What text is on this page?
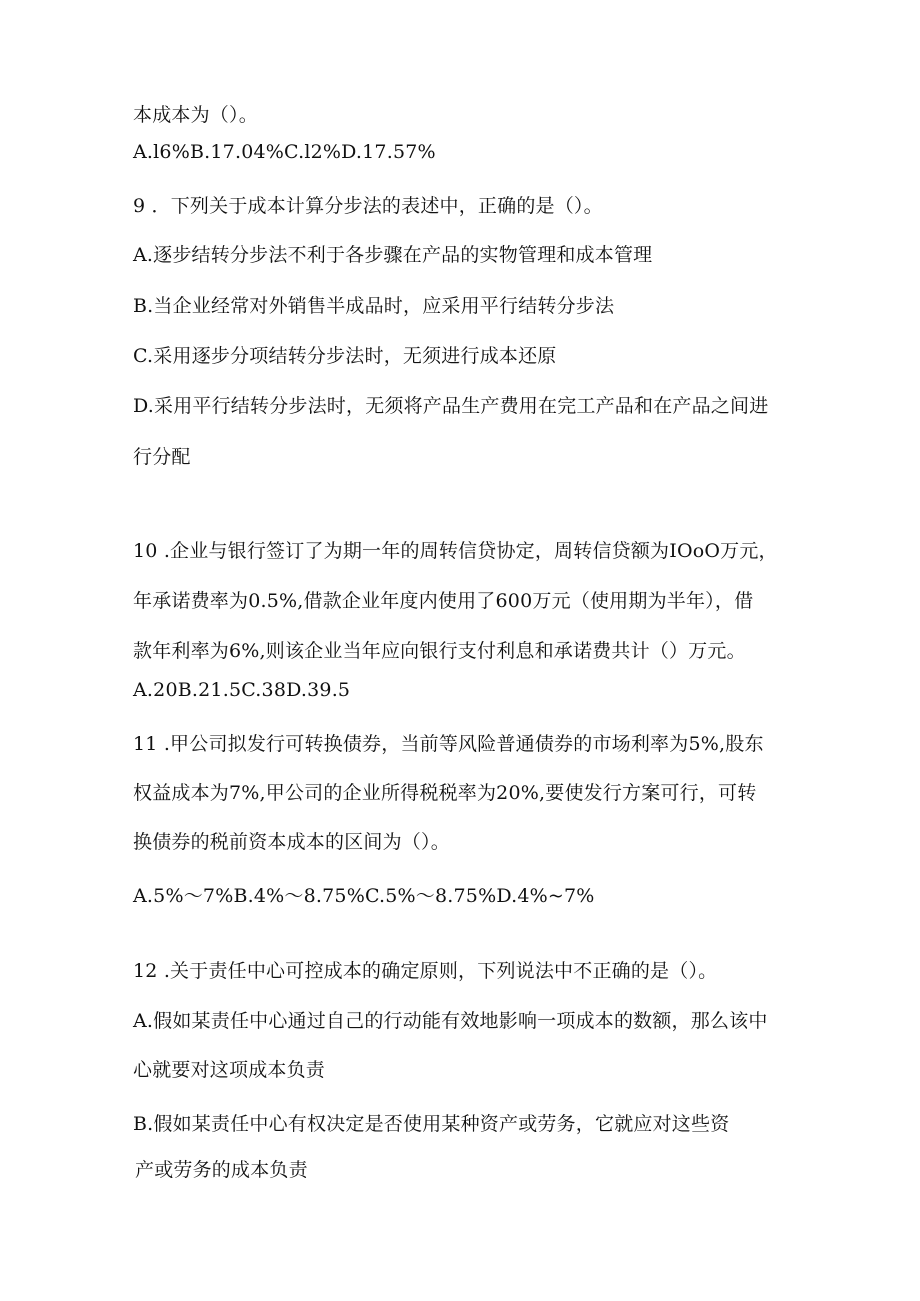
本成本为（）。
A.l6%B.17.04%C.l2%D.17.57%
9 ．下列关于成本计算分步法的表述中，正确的是（）。
A.逐步结转分步法不利于各步骤在产品的实物管理和成本管理
B.当企业经常对外销售半成品时，应采用平行结转分步法
C.采用逐步分项结转分步法时，无须进行成本还原
D.采用平行结转分步法时，无须将产品生产费用在完工产品和在产品之间进
行分配
10 .企业与银行签订了为期一年的周转信贷协定，周转信贷额为IOoO万元，
年承诺费率为0.5%,借款企业年度内使用了600万元（使用期为半年），借
款年利率为6%,则该企业当年应向银行支付利息和承诺费共计（）万元。
A.20B.21.5C.38D.39.5
11 .甲公司拟发行可转换债券，当前等风险普通债券的市场利率为5%,股东
权益成本为7%,甲公司的企业所得税税率为20%,要使发行方案可行，可转
换债券的税前资本成本的区间为（）。
A.5%～7%B.4%～8.75%C.5%～8.75%D.4%~7%
12 .关于责任中心可控成本的确定原则，下列说法中不正确的是（）。
A.假如某责任中心通过自己的行动能有效地影响一项成本的数额，那么该中
心就要对这项成本负责
B.假如某责任中心有权决定是否使用某种资产或劳务，它就应对这些资
产或劳务的成本负责
